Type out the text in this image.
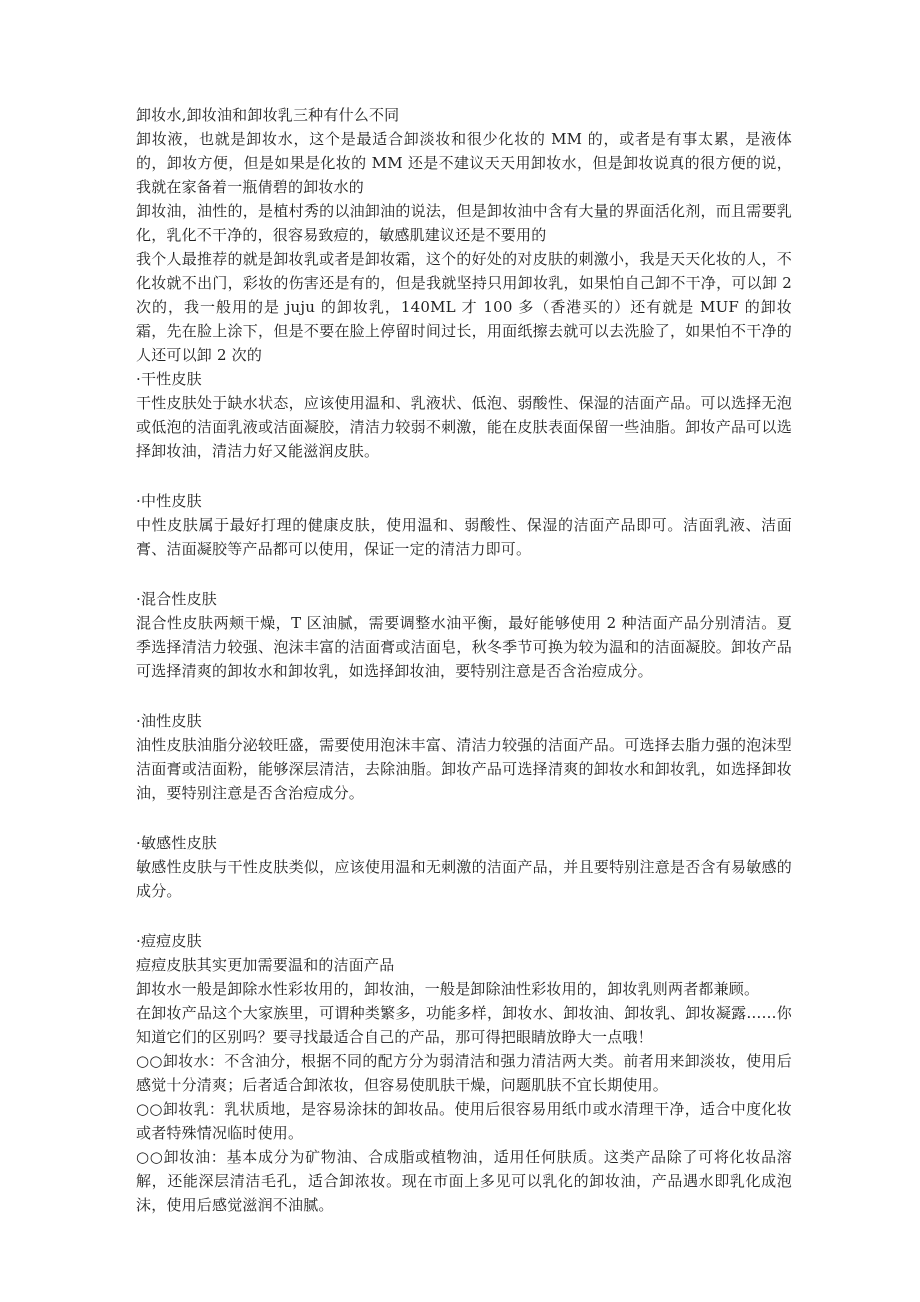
卸妆水,卸妆油和卸妆乳三种有什么不同
卸妆液，也就是卸妆水，这个是最适合卸淡妆和很少化妆的 MM 的，或者是有事太累，是液体的，卸妆方便，但是如果是化妆的 MM 还是不建议天天用卸妆水，但是卸妆说真的很方便的说，我就在家备着一瓶倩碧的卸妆水的
卸妆油，油性的，是植村秀的以油卸油的说法，但是卸妆油中含有大量的界面活化剂，而且需要乳化，乳化不干净的，很容易致痘的，敏感肌建议还是不要用的
我个人最推荐的就是卸妆乳或者是卸妆霜，这个的好处的对皮肤的刺激小，我是天天化妆的人，不化妆就不出门，彩妆的伤害还是有的，但是我就坚持只用卸妆乳，如果怕自己卸不干净，可以卸 2 次的，我一般用的是 juju 的卸妆乳，140ML 才 100 多（香港买的）还有就是 MUF 的卸妆霜，先在脸上涂下，但是不要在脸上停留时间过长，用面纸擦去就可以去洗脸了，如果怕不干净的人还可以卸 2 次的
·干性皮肤
干性皮肤处于缺水状态，应该使用温和、乳液状、低泡、弱酸性、保湿的洁面产品。可以选择无泡或低泡的洁面乳液或洁面凝胶，清洁力较弱不刺激，能在皮肤表面保留一些油脂。卸妆产品可以选择卸妆油，清洁力好又能滋润皮肤。
·中性皮肤
中性皮肤属于最好打理的健康皮肤，使用温和、弱酸性、保湿的洁面产品即可。洁面乳液、洁面膏、洁面凝胶等产品都可以使用，保证一定的清洁力即可。
·混合性皮肤
混合性皮肤两颊干燥，T 区油腻，需要调整水油平衡，最好能够使用 2 种洁面产品分别清洁。夏季选择清洁力较强、泡沫丰富的洁面膏或洁面皂，秋冬季节可换为较为温和的洁面凝胶。卸妆产品可选择清爽的卸妆水和卸妆乳，如选择卸妆油，要特别注意是否含治痘成分。
·油性皮肤
油性皮肤油脂分泌较旺盛，需要使用泡沫丰富、清洁力较强的洁面产品。可选择去脂力强的泡沫型洁面膏或洁面粉，能够深层清洁，去除油脂。卸妆产品可选择清爽的卸妆水和卸妆乳，如选择卸妆油，要特别注意是否含治痘成分。
·敏感性皮肤
敏感性皮肤与干性皮肤类似，应该使用温和无刺激的洁面产品，并且要特别注意是否含有易敏感的成分。
·痘痘皮肤
痘痘皮肤其实更加需要温和的洁面产品
卸妆水一般是卸除水性彩妆用的，卸妆油，一般是卸除油性彩妆用的，卸妆乳则两者都兼顾。
在卸妆产品这个大家族里，可谓种类繁多，功能多样，卸妆水、卸妆油、卸妆乳、卸妆凝露……你知道它们的区别吗？要寻找最适合自己的产品，那可得把眼睛放睁大一点哦！
○○卸妆水：不含油分，根据不同的配方分为弱清洁和强力清洁两大类。前者用来卸淡妆，使用后感觉十分清爽；后者适合卸浓妆，但容易使肌肤干燥，问题肌肤不宜长期使用。
○○卸妆乳：乳状质地，是容易涂抹的卸妆品。使用后很容易用纸巾或水清理干净，适合中度化妆或者特殊情况临时使用。
○○卸妆油：基本成分为矿物油、合成脂或植物油，适用任何肤质。这类产品除了可将化妆品溶解，还能深层清洁毛孔，适合卸浓妆。现在市面上多见可以乳化的卸妆油，产品遇水即乳化成泡沫，使用后感觉滋润不油腻。
